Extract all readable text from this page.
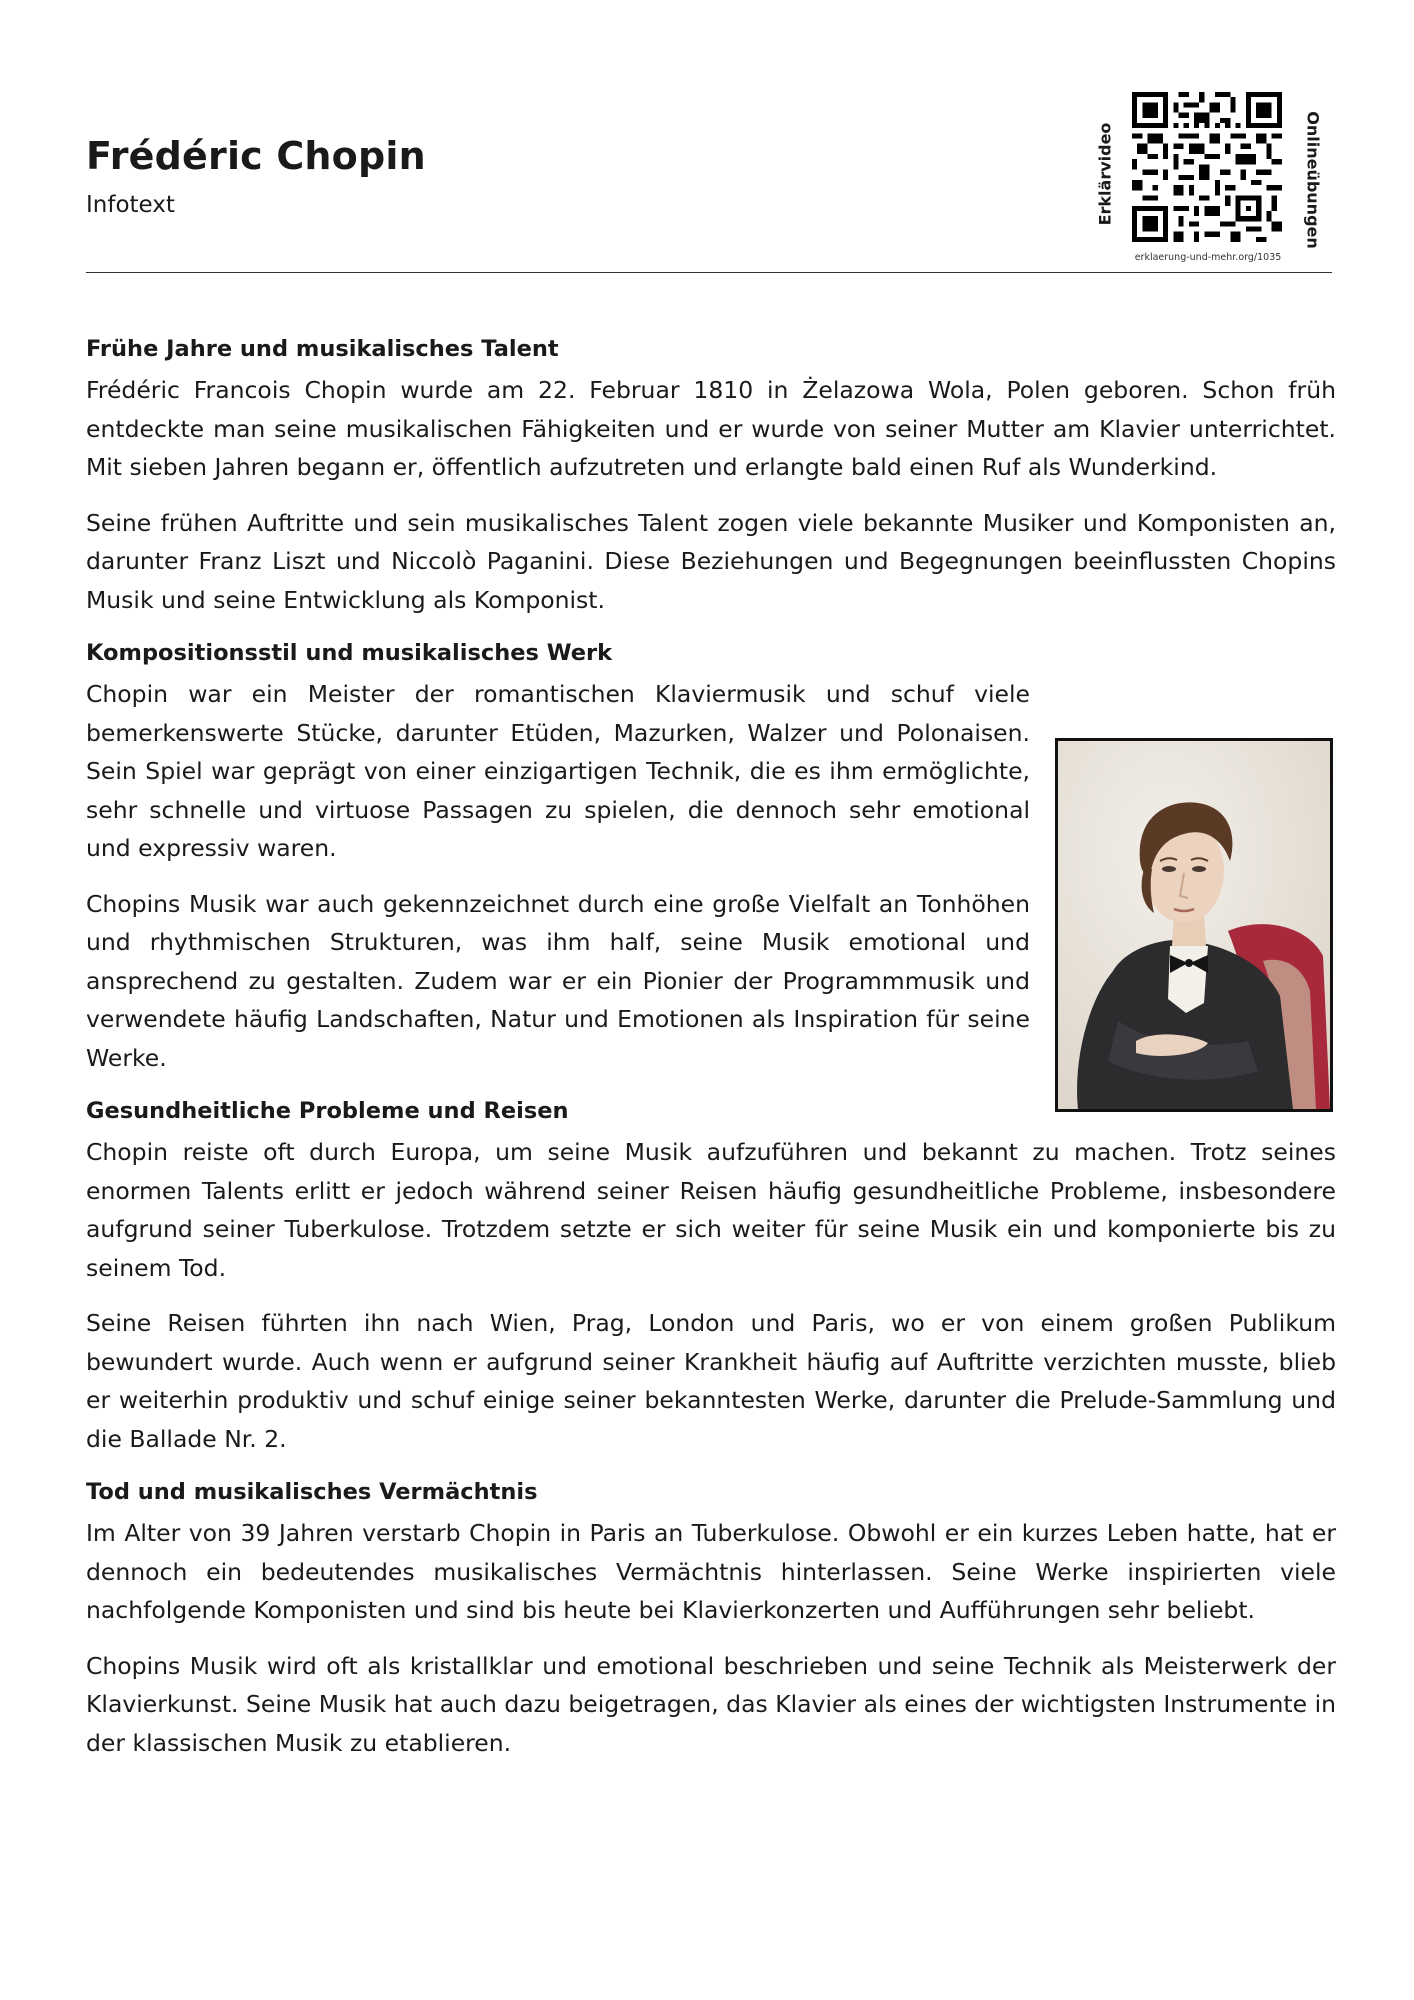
Frédéric Chopin
Infotext	Erklärvideo	Onlineübungen
erklaerung-und-mehr.org/1035
Frühe Jahre und musikalisches Talent

Frédéric Francois Chopin wurde am 22. Februar 1810 in Żelazowa Wola, Polen geboren. Schon früh entdeckte man seine musikalischen Fähigkeiten und er wurde von seiner Mutter am Klavier unterrichtet. Mit sieben Jahren begann er, öffentlich aufzutreten und erlangte bald einen Ruf als Wunderkind.

Seine frühen Auftritte und sein musikalisches Talent zogen viele bekannte Musiker und Komponisten an, darunter Franz Liszt und Niccolò Paganini. Diese Beziehungen und Begegnungen beeinflussten Chopins Musik und seine Entwicklung als Komponist.

Kompositionsstil und musikalisches Werk

Chopin war ein Meister der romantischen Klaviermusik und schuf viele bemerkenswerte Stücke, darunter Etüden, Mazurken, Walzer und Polonaisen. Sein Spiel war geprägt von einer einzigartigen Technik, die es ihm ermöglichte, sehr schnelle und virtuose Passagen zu spielen, die dennoch sehr emotional und expressiv waren.

Chopins Musik war auch gekennzeichnet durch eine große Vielfalt an Tonhöhen und rhythmischen Strukturen, was ihm half, seine Musik emotional und ansprechend zu gestalten. Zudem war er ein Pionier der Programmmusik und verwendete häufig Landschaften, Natur und Emotionen als Inspiration für seine Werke.

Gesundheitliche Probleme und Reisen

Chopin reiste oft durch Europa, um seine Musik aufzuführen und bekannt zu machen. Trotz seines enormen Talents erlitt er jedoch während seiner Reisen häufig gesundheitliche Probleme, insbesondere aufgrund seiner Tuberkulose. Trotzdem setzte er sich weiter für seine Musik ein und komponierte bis zu seinem Tod.

Seine Reisen führten ihn nach Wien, Prag, London und Paris, wo er von einem großen Publikum bewundert wurde. Auch wenn er aufgrund seiner Krankheit häufig auf Auftritte verzichten musste, blieb er weiterhin produktiv und schuf einige seiner bekanntesten Werke, darunter die Prelude-Sammlung und die Ballade Nr. 2.

Tod und musikalisches Vermächtnis

Im Alter von 39 Jahren verstarb Chopin in Paris an Tuberkulose. Obwohl er ein kurzes Leben hatte, hat er dennoch ein bedeutendes musikalisches Vermächtnis hinterlassen. Seine Werke inspirierten viele nachfolgende Komponisten und sind bis heute bei Klavierkonzerten und Aufführungen sehr beliebt.

Chopins Musik wird oft als kristallklar und emotional beschrieben und seine Technik als Meisterwerk der Klavierkunst. Seine Musik hat auch dazu beigetragen, das Klavier als eines der wichtigsten Instrumente in der klassischen Musik zu etablieren.
